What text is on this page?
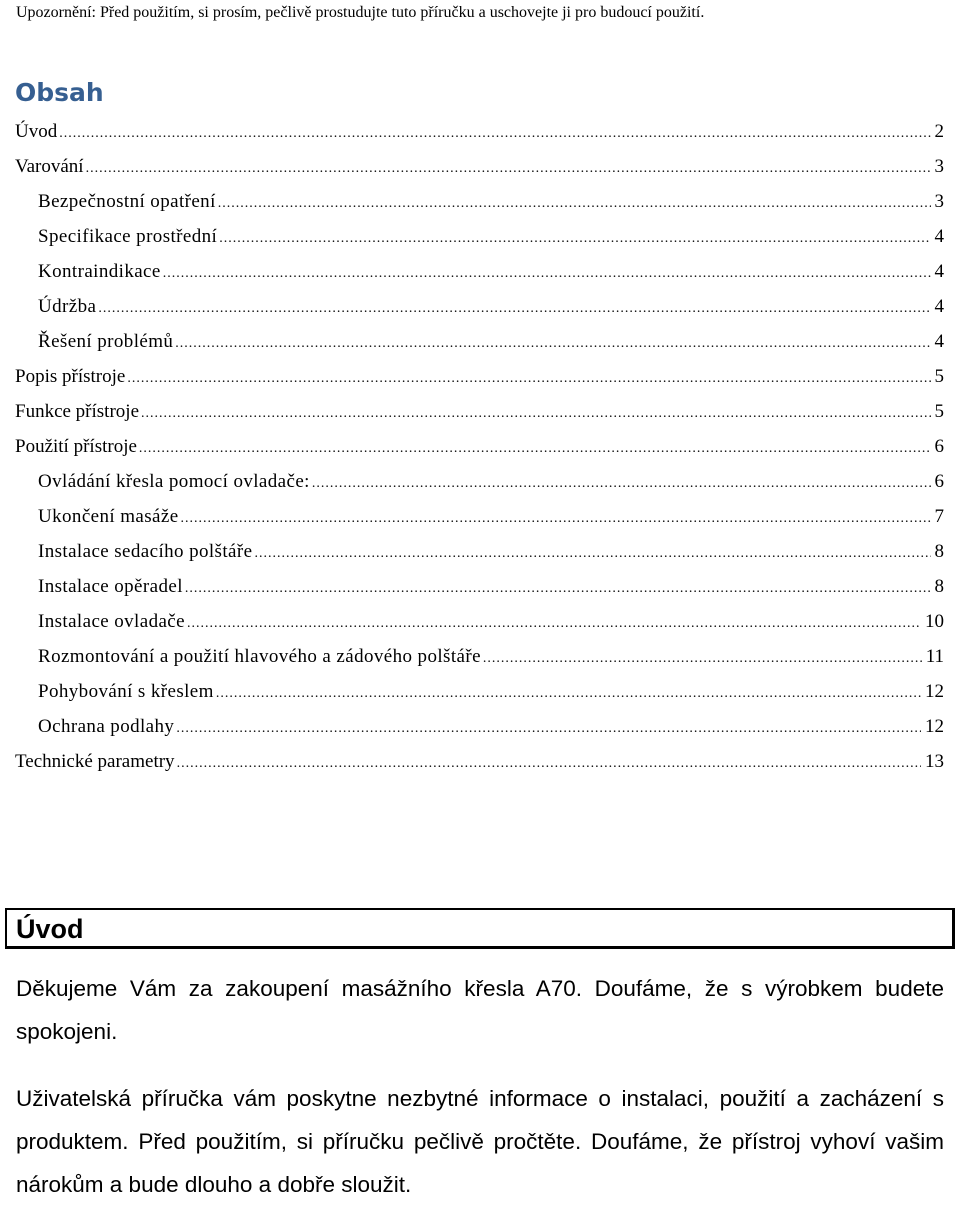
Upozornění: Před použitím, si prosím, pečlivě prostudujte tuto příručku a uschovejte ji pro budoucí použití.
Obsah
Úvod .....	2
Varování .....	3
Bezpečnostní opatření .....	3
Specifikace prostřední .....	4
Kontraindikace .....	4
Údržba .....	4
Řešení problémů .....	4
Popis přístroje .....	5
Funkce přístroje .....	5
Použití přístroje .....	6
Ovládání křesla pomocí ovladače: .....	6
Ukončení masáže .....	7
Instalace sedacího polštáře .....	8
Instalace opěradel .....	8
Instalace ovladače .....	10
Rozmontování a použití hlavového a zádového polštáře .....	11
Pohybování s křeslem .....	12
Ochrana podlahy .....	12
Technické parametry .....	13
Úvod

Děkujeme Vám za zakoupení masážního křesla A70. Doufáme, že s výrobkem budete spokojeni.

Uživatelská příručka vám poskytne nezbytné informace o instalaci, použití a zacházení s produktem. Před použitím, si příručku pečlivě pročtěte. Doufáme, že přístroj vyhoví vašim nárokům a bude dlouho a dobře sloužit.
